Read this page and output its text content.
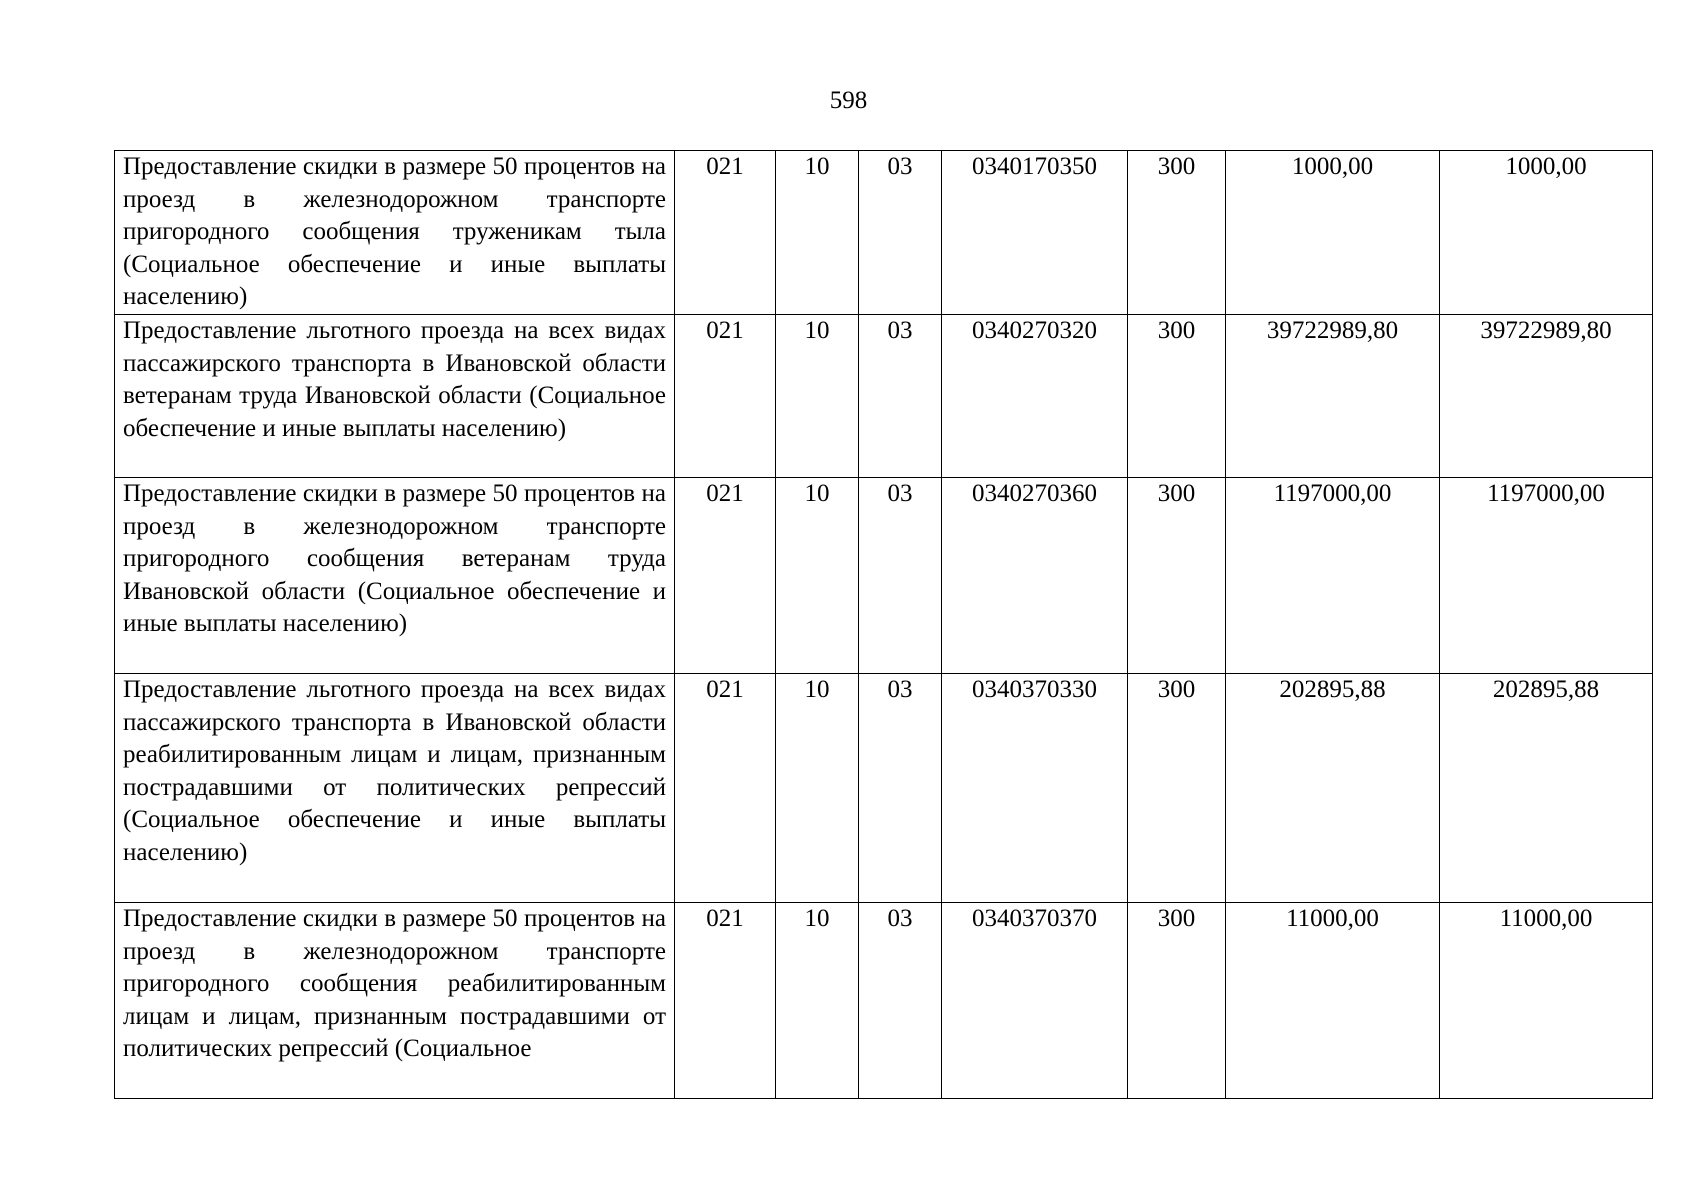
598
Предоставление скидки в размере 50 процентов на проезд в железнодорожном транспорте пригородного сообщения труженикам тыла (Социальное обеспечение и иные выплаты населению)	021	10	03	0340170350	300	1000,00	1000,00
Предоставление льготного проезда на всех видах пассажирского транспорта в Ивановской области ветеранам труда Ивановской области (Социальное обеспечение и иные выплаты населению)	021	10	03	0340270320	300	39722989,80	39722989,80
Предоставление скидки в размере 50 процентов на проезд в железнодорожном транспорте пригородного сообщения ветеранам труда Ивановской области (Социальное обеспечение и иные выплаты населению)	021	10	03	0340270360	300	1197000,00	1197000,00
Предоставление льготного проезда на всех видах пассажирского транспорта в Ивановской области реабилитированным лицам и лицам, признанным пострадавшими от политических репрессий (Социальное обеспечение и иные выплаты населению)	021	10	03	0340370330	300	202895,88	202895,88
Предоставление скидки в размере 50 процентов на проезд в железнодорожном транспорте пригородного сообщения реабилитированным лицам и лицам, признанным пострадавшими от политических репрессий (Социальное	021	10	03	0340370370	300	11000,00	11000,00
